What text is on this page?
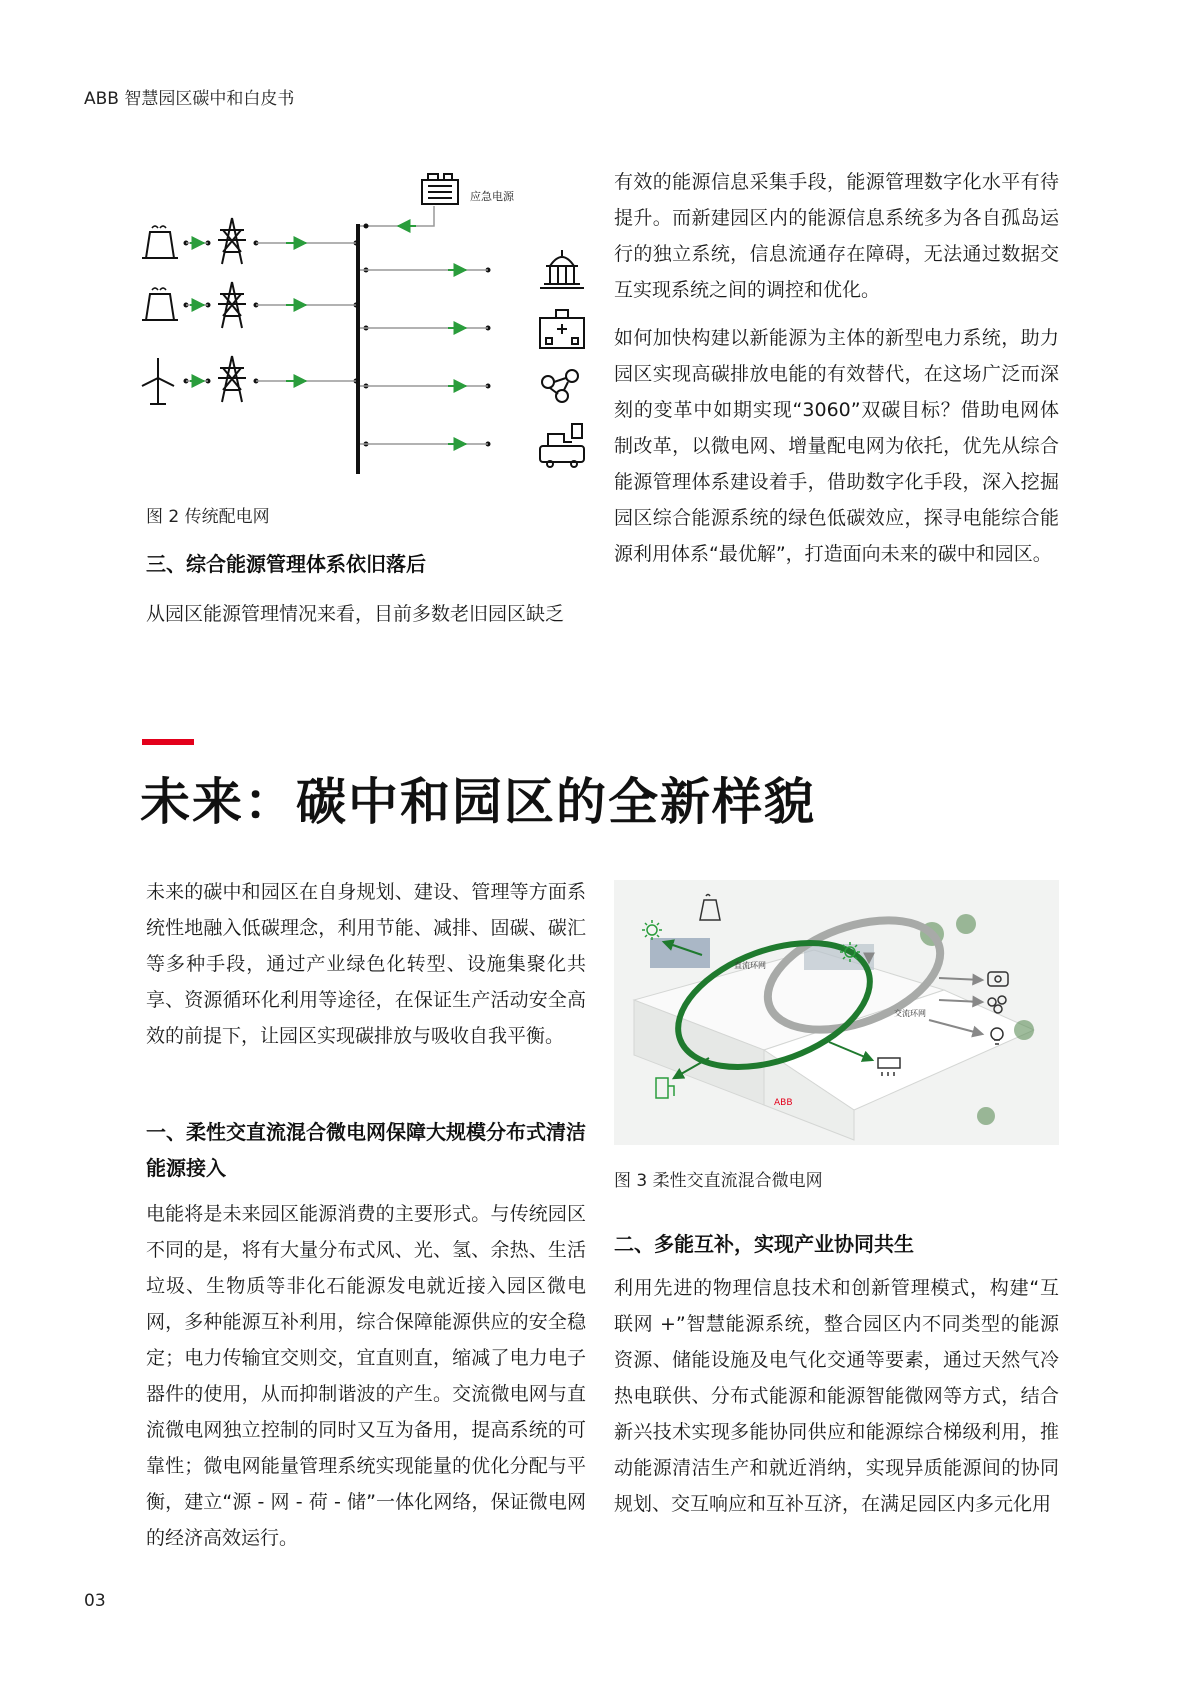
ABB 智慧园区碳中和白皮书
应急电源
图 2 传统配电网
三、综合能源管理体系依旧落后
从园区能源管理情况来看，目前多数老旧园区缺乏

有效的能源信息采集手段，能源管理数字化水平有待提升。而新建园区内的能源信息系统多为各自孤岛运行的独立系统，信息流通存在障碍，无法通过数据交互实现系统之间的调控和优化。

如何加快构建以新能源为主体的新型电力系统，助力园区实现高碳排放电能的有效替代，在这场广泛而深刻的变革中如期实现“3060”双碳目标？借助电网体制改革，以微电网、增量配电网为依托，优先从综合能源管理体系建设着手，借助数字化手段，深入挖掘园区综合能源系统的绿色低碳效应，探寻电能综合能源利用体系“最优解”，打造面向未来的碳中和园区。

未来：碳中和园区的全新样貌
未来的碳中和园区在自身规划、建设、管理等方面系统性地融入低碳理念，利用节能、减排、固碳、碳汇等多种手段，通过产业绿色化转型、设施集聚化共享、资源循环化利用等途径，在保证生产活动安全高效的前提下，让园区实现碳排放与吸收自我平衡。
一、柔性交直流混合微电网保障大规模分布式清洁能源接入
电能将是未来园区能源消费的主要形式。与传统园区不同的是，将有大量分布式风、光、氢、余热、生活垃圾、生物质等非化石能源发电就近接入园区微电网，多种能源互补利用，综合保障能源供应的安全稳定；电力传输宜交则交，宜直则直，缩减了电力电子器件的使用，从而抑制谐波的产生。交流微电网与直流微电网独立控制的同时又互为备用，提高系统的可靠性；微电网能量管理系统实现能量的优化分配与平衡，建立“源 - 网 - 荷 - 储”一体化网络，保证微电网的经济高效运行。
ABB
直流环网
交流环网
图 3 柔性交直流混合微电网
二、多能互补，实现产业协同共生
利用先进的物理信息技术和创新管理模式，构建“互联网 +”智慧能源系统，整合园区内不同类型的能源资源、储能设施及电气化交通等要素，通过天然气冷热电联供、分布式能源和能源智能微网等方式，结合新兴技术实现多能协同供应和能源综合梯级利用，推动能源清洁生产和就近消纳，实现异质能源间的协同规划、交互响应和互补互济，在满足园区内多元化用
03
